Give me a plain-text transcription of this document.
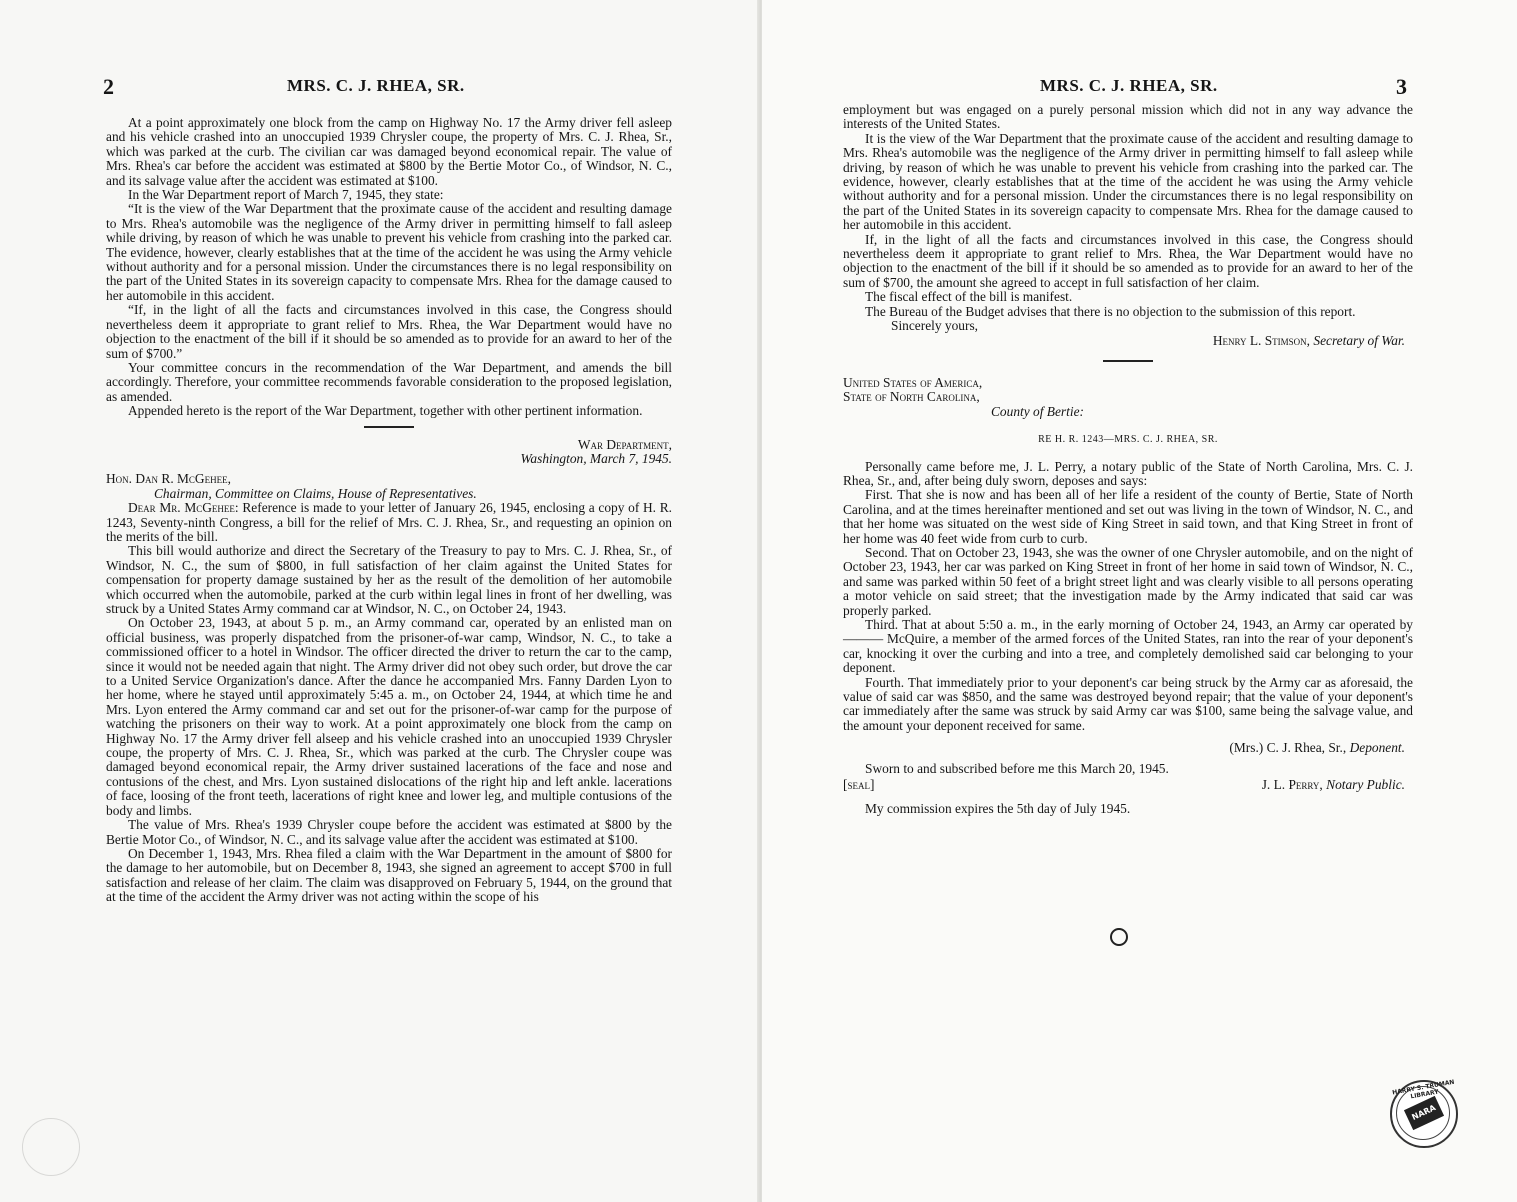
2	MRS. C. J. RHEA, SR.

At a point approximately one block from the camp on Highway No. 17 the Army driver fell asleep and his vehicle crashed into an unoccupied 1939 Chrysler coupe, the property of Mrs. C. J. Rhea, Sr., which was parked at the curb. The civilian car was damaged beyond economical repair. The value of Mrs. Rhea's car before the accident was estimated at $800 by the Bertie Motor Co., of Windsor, N. C., and its salvage value after the accident was estimated at $100.

In the War Department report of March 7, 1945, they state:

“It is the view of the War Department that the proximate cause of the accident and resulting damage to Mrs. Rhea's automobile was the negligence of the Army driver in permitting himself to fall asleep while driving, by reason of which he was unable to prevent his vehicle from crashing into the parked car. The evidence, however, clearly establishes that at the time of the accident he was using the Army vehicle without authority and for a personal mission. Under the circumstances there is no legal responsibility on the part of the United States in its sovereign capacity to compensate Mrs. Rhea for the damage caused to her automobile in this accident.

“If, in the light of all the facts and circumstances involved in this case, the Congress should nevertheless deem it appropriate to grant relief to Mrs. Rhea, the War Department would have no objection to the enactment of the bill if it should be so amended as to provide for an award to her of the sum of $700.”

Your committee concurs in the recommendation of the War Department, and amends the bill accordingly. Therefore, your committee recommends favorable consideration to the proposed legislation, as amended.

Appended hereto is the report of the War Department, together with other pertinent information.

War Department,

Washington, March 7, 1945.

Hon. Dan R. McGehee,

Chairman, Committee on Claims, House of Representatives.

Dear Mr. McGehee: Reference is made to your letter of January 26, 1945, enclosing a copy of H. R. 1243, Seventy-ninth Congress, a bill for the relief of Mrs. C. J. Rhea, Sr., and requesting an opinion on the merits of the bill.

This bill would authorize and direct the Secretary of the Treasury to pay to Mrs. C. J. Rhea, Sr., of Windsor, N. C., the sum of $800, in full satisfaction of her claim against the United States for compensation for property damage sustained by her as the result of the demolition of her automobile which occurred when the automobile, parked at the curb within legal lines in front of her dwelling, was struck by a United States Army command car at Windsor, N. C., on October 24, 1943.

On October 23, 1943, at about 5 p. m., an Army command car, operated by an enlisted man on official business, was properly dispatched from the prisoner-of-war camp, Windsor, N. C., to take a commissioned officer to a hotel in Windsor. The officer directed the driver to return the car to the camp, since it would not be needed again that night. The Army driver did not obey such order, but drove the car to a United Service Organization's dance. After the dance he accompanied Mrs. Fanny Darden Lyon to her home, where he stayed until approximately 5:45 a. m., on October 24, 1944, at which time he and Mrs. Lyon entered the Army command car and set out for the prisoner-of-war camp for the purpose of watching the prisoners on their way to work. At a point approximately one block from the camp on Highway No. 17 the Army driver fell alseep and his vehicle crashed into an unoccupied 1939 Chrysler coupe, the property of Mrs. C. J. Rhea, Sr., which was parked at the curb. The Chrysler coupe was damaged beyond economical repair, the Army driver sustained lacerations of the face and nose and contusions of the chest, and Mrs. Lyon sustained dislocations of the right hip and left ankle. lacerations of face, loosing of the front teeth, lacerations of right knee and lower leg, and multiple contusions of the body and limbs.

The value of Mrs. Rhea's 1939 Chrysler coupe before the accident was estimated at $800 by the Bertie Motor Co., of Windsor, N. C., and its salvage value after the accident was estimated at $100.

On December 1, 1943, Mrs. Rhea filed a claim with the War Department in the amount of $800 for the damage to her automobile, but on December 8, 1943, she signed an agreement to accept $700 in full satisfaction and release of her claim. The claim was disapproved on February 5, 1944, on the ground that at the time of the accident the Army driver was not acting within the scope of his

MRS. C. J. RHEA, SR.	3

employment but was engaged on a purely personal mission which did not in any way advance the interests of the United States.

It is the view of the War Department that the proximate cause of the accident and resulting damage to Mrs. Rhea's automobile was the negligence of the Army driver in permitting himself to fall asleep while driving, by reason of which he was unable to prevent his vehicle from crashing into the parked car. The evidence, however, clearly establishes that at the time of the accident he was using the Army vehicle without authority and for a personal mission. Under the circumstances there is no legal responsibility on the part of the United States in its sovereign capacity to compensate Mrs. Rhea for the damage caused to her automobile in this accident.

If, in the light of all the facts and circumstances involved in this case, the Congress should nevertheless deem it appropriate to grant relief to Mrs. Rhea, the War Department would have no objection to the enactment of the bill if it should be so amended as to provide for an award to her of the sum of $700, the amount she agreed to accept in full satisfaction of her claim.

The fiscal effect of the bill is manifest.

The Bureau of the Budget advises that there is no objection to the submission of this report.

Sincerely yours,

Henry L. Stimson, Secretary of War.

United States of America,

State of North Carolina,

County of Bertie:

RE H. R. 1243—MRS. C. J. RHEA, SR.

Personally came before me, J. L. Perry, a notary public of the State of North Carolina, Mrs. C. J. Rhea, Sr., and, after being duly sworn, deposes and says:

First. That she is now and has been all of her life a resident of the county of Bertie, State of North Carolina, and at the times hereinafter mentioned and set out was living in the town of Windsor, N. C., and that her home was situated on the west side of King Street in said town, and that King Street in front of her home was 40 feet wide from curb to curb.

Second. That on October 23, 1943, she was the owner of one Chrysler automobile, and on the night of October 23, 1943, her car was parked on King Street in front of her home in said town of Windsor, N. C., and same was parked within 50 feet of a bright street light and was clearly visible to all persons operating a motor vehicle on said street; that the investigation made by the Army indicated that said car was properly parked.

Third. That at about 5:50 a. m., in the early morning of October 24, 1943, an Army car operated by ——— McQuire, a member of the armed forces of the United States, ran into the rear of your deponent's car, knocking it over the curbing and into a tree, and completely demolished said car belonging to your deponent.

Fourth. That immediately prior to your deponent's car being struck by the Army car as aforesaid, the value of said car was $850, and the same was destroyed beyond repair; that the value of your deponent's car immediately after the same was struck by said Army car was $100, same being the salvage value, and the amount your deponent received for same.

(Mrs.) C. J. Rhea, Sr., Deponent.

Sworn to and subscribed before me this March 20, 1945.

[seal]	J. L. Perry, Notary Public.

My commission expires the 5th day of July 1945.

HARRY S. TRUMAN LIBRARY
NARA
